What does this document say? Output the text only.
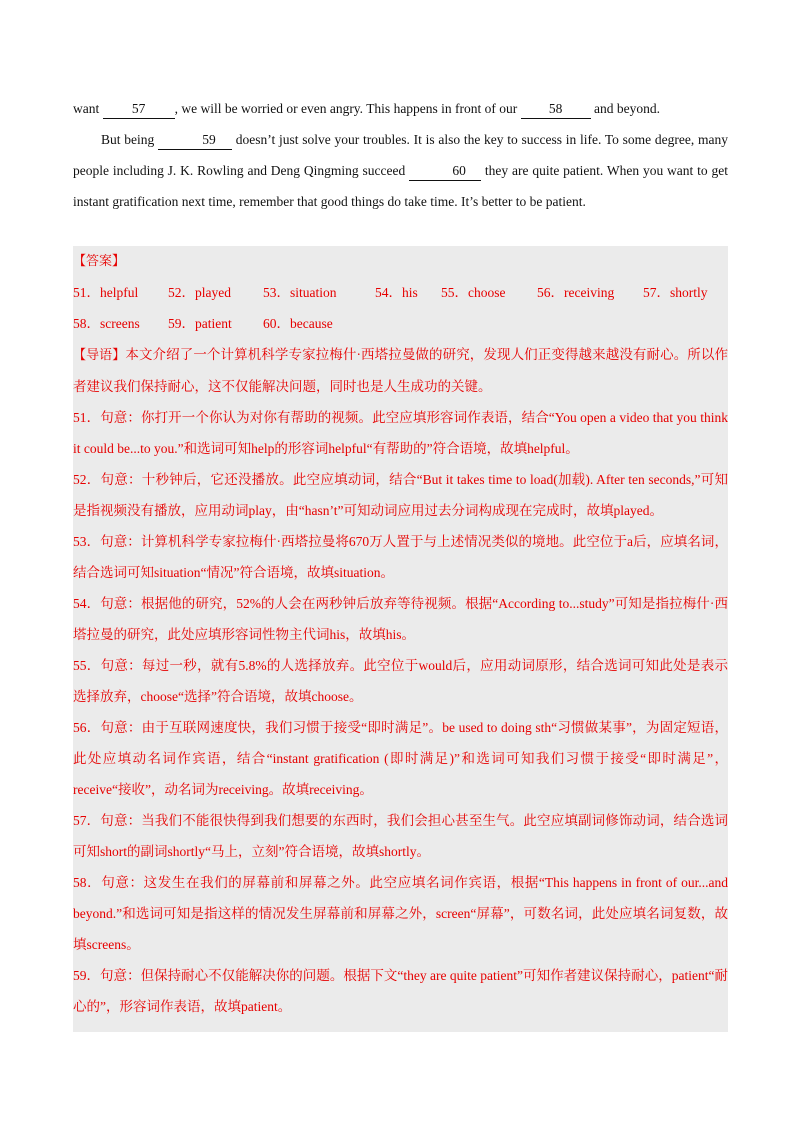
want 57 , we will be worried or even angry. This happens in front of our 58 and beyond.

But being	59 doesn’t just solve your troubles. It is also the key to success in life. To some degree, many people including J. K. Rowling and Deng Qingming succeed	60 they are quite patient. When you want to get instant gratification next time, remember that good things do take time. It’s better to be patient.

【答案】
51．helpful 52．played 53．situation	54．his 55．choose 56．receiving 57．shortly
58．screens 59．patient 60．because

【导语】本文介绍了一个计算机科学专家拉梅什·西塔拉曼做的研究，发现人们正变得越来越没有耐心。所以作者建议我们保持耐心，这不仅能解决问题，同时也是人生成功的关键。

51．句意：你打开一个你认为对你有帮助的视频。此空应填形容词作表语，结合“You open a video that you think it could be...to you.”和选词可知help的形容词helpful“有帮助的”符合语境，故填helpful。

52．句意：十秒钟后，它还没播放。此空应填动词，结合“But it takes time to load(加载). After ten seconds,”可知是指视频没有播放，应用动词play，由“hasn’t”可知动词应用过去分词构成现在完成时，故填played。

53．句意：计算机科学专家拉梅什·西塔拉曼将670万人置于与上述情况类似的境地。此空位于a后，应填名词，结合选词可知situation“情况”符合语境，故填situation。

54．句意：根据他的研究，52%的人会在两秒钟后放弃等待视频。根据“According to...study”可知是指拉梅什·西塔拉曼的研究，此处应填形容词性物主代词his，故填his。

55．句意：每过一秒，就有5.8%的人选择放弃。此空位于would后，应用动词原形，结合选词可知此处是表示选择放弃，choose“选择”符合语境，故填choose。

56．句意：由于互联网速度快，我们习惯于接受“即时满足”。be used to doing sth“习惯做某事”，为固定短语，此处应填动名词作宾语，结合“instant gratification (即时满足)”和选词可知我们习惯于接受“即时满足”，receive“接收”，动名词为receiving。故填receiving。

57．句意：当我们不能很快得到我们想要的东西时，我们会担心甚至生气。此空应填副词修饰动词，结合选词可知short的副词shortly“马上，立刻”符合语境，故填shortly。

58．句意：这发生在我们的屏幕前和屏幕之外。此空应填名词作宾语，根据“This happens in front of our...and beyond.”和选词可知是指这样的情况发生屏幕前和屏幕之外，screen“屏幕”，可数名词，此处应填名词复数，故填screens。

59．句意：但保持耐心不仅能解决你的问题。根据下文“they are quite patient”可知作者建议保持耐心，patient“耐心的”，形容词作表语，故填patient。
